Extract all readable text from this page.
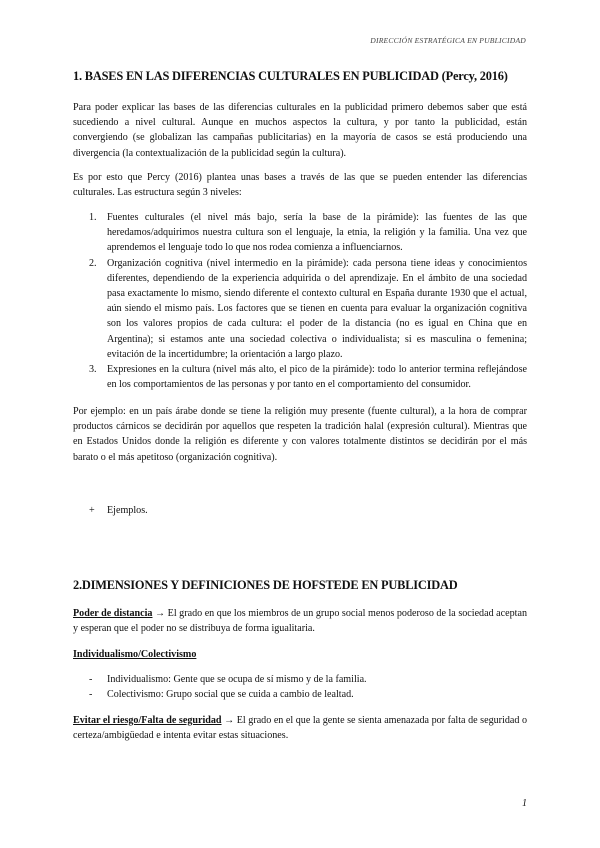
DIRECCIÓN ESTRATÉGICA EN PUBLICIDAD
1. BASES EN LAS DIFERENCIAS CULTURALES EN PUBLICIDAD (Percy, 2016)

Para poder explicar las bases de las diferencias culturales en la publicidad primero debemos saber que está sucediendo a nivel cultural. Aunque en muchos aspectos la cultura, y por tanto la publicidad, están convergiendo (se globalizan las campañas publicitarias) en la mayoría de casos se está produciendo una divergencia (la contextualización de la publicidad según la cultura).

Es por esto que Percy (2016) plantea unas bases a través de las que se pueden entender las diferencias culturales. Las estructura según 3 niveles:

1. Fuentes culturales (el nivel más bajo, sería la base de la pirámide): las fuentes de las que heredamos/adquirimos nuestra cultura son el lenguaje, la etnia, la religión y la familia. Una vez que aprendemos el lenguaje todo lo que nos rodea comienza a influenciarnos.
2. Organización cognitiva (nivel intermedio en la pirámide): cada persona tiene ideas y conocimientos diferentes, dependiendo de la experiencia adquirida o del aprendizaje. En el ámbito de una sociedad pasa exactamente lo mismo, siendo diferente el contexto cultural en España durante 1930 que el actual, aún siendo el mismo país. Los factores que se tienen en cuenta para evaluar la organización cognitiva son los valores propios de cada cultura: el poder de la distancia (no es igual en China que en Argentina); si estamos ante una sociedad colectiva o individualista; si es masculina o femenina; evitación de la incertidumbre; la orientación a largo plazo.
3. Expresiones en la cultura (nivel más alto, el pico de la pirámide): todo lo anterior termina reflejándose en los comportamientos de las personas y por tanto en el comportamiento del consumidor.

Por ejemplo: en un país árabe donde se tiene la religión muy presente (fuente cultural), a la hora de comprar productos cárnicos se decidirán por aquellos que respeten la tradición halal (expresión cultural). Mientras que en Estados Unidos donde la religión es diferente y con valores totalmente distintos se decidirán por el más barato o el más apetitoso (organización cognitiva).

+ Ejemplos.
2.DIMENSIONES Y DEFINICIONES DE HOFSTEDE EN PUBLICIDAD

Poder de distancia → El grado en que los miembros de un grupo social menos poderoso de la sociedad aceptan y esperan que el poder no se distribuya de forma igualitaria.

Individualismo/Colectivismo

- Individualismo: Gente que se ocupa de sí mismo y de la familia.
- Colectivismo: Grupo social que se cuida a cambio de lealtad.

Evitar el riesgo/Falta de seguridad → El grado en el que la gente se sienta amenazada por falta de seguridad o certeza/ambigüedad e intenta evitar estas situaciones.

1
